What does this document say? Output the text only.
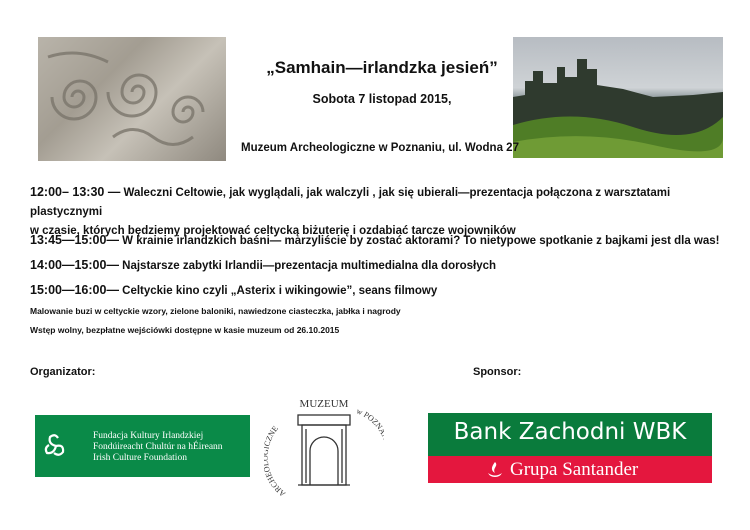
„Samhain—irlandzka jesień”
Sobota 7 listopad 2015,
Muzeum Archeologiczne w Poznaniu, ul. Wodna 27
12:00– 13:30 — Waleczni Celtowie, jak wyglądali, jak walczyli , jak się ubierali—prezentacja połączona z warsztatami plastycznymi
w czasie, których będziemy projektować celtycką biżuterię i ozdabiać tarcze wojowników
13:45—15:00— W krainie irlandzkich baśni— marzyliście by zostać aktorami? To nietypowe spotkanie z bajkami jest dla was!
14:00—15:00— Najstarsze zabytki Irlandii—prezentacja multimedialna dla dorosłych
15:00—16:00— Celtyckie kino czyli „Asterix i wikingowie”, seans filmowy
Malowanie buzi w celtyckie wzory, zielone baloniki, nawiedzone ciasteczka, jabłka i nagrody
Wstęp wolny, bezpłatne wejściówki dostępne w kasie muzeum od 26.10.2015
Organizator:	Sponsor:
Fundacja Kultury Irlandzkiej
Fondúireacht Chultúr na hÉireann
Irish Culture Foundation
MUZEUM
ARCHE ZNE
w POZN	Bank Zachodni WBK
Grupa Santander
